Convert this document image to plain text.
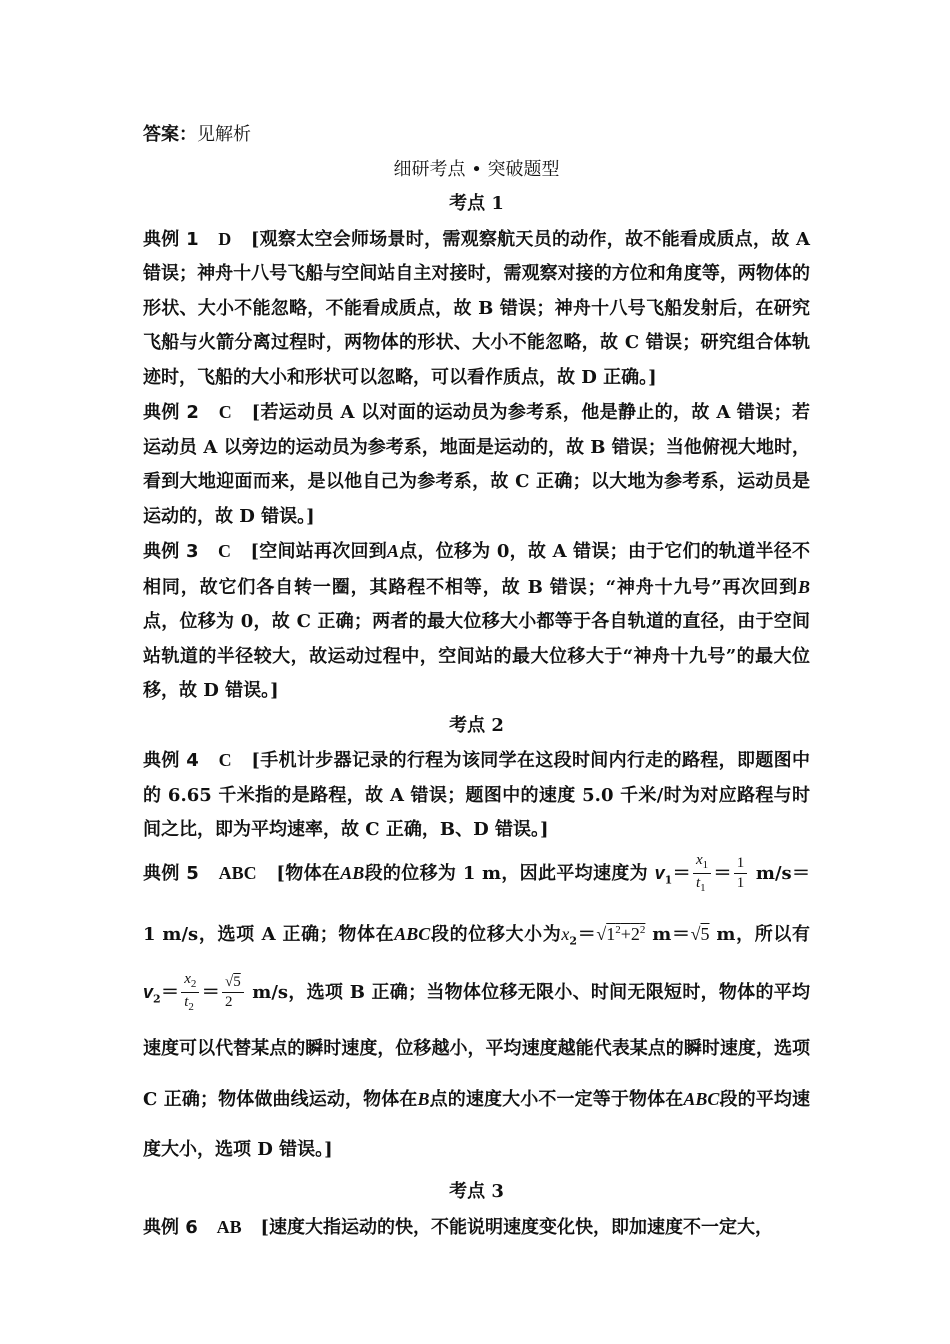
答案：见解析

细研考点 • 突破题型

考点 1

典例 1 D [观察太空会师场景时，需观察航天员的动作，故不能看成质点，故 A 错误；神舟十八号飞船与空间站自主对接时，需观察对接的方位和角度等，两物体的形状、大小不能忽略，不能看成质点，故 B 错误；神舟十八号飞船发射后，在研究飞船与火箭分离过程时，两物体的形状、大小不能忽略，故 C 错误；研究组合体轨迹时，飞船的大小和形状可以忽略，可以看作质点，故 D 正确。]

典例 2 C [若运动员 A 以对面的运动员为参考系，他是静止的，故 A 错误；若运动员 A 以旁边的运动员为参考系，地面是运动的，故 B 错误；当他俯视大地时，看到大地迎面而来，是以他自己为参考系，故 C 正确；以大地为参考系，运动员是运动的，故 D 错误。]

典例 3 C [空间站再次回到A点，位移为 0，故 A 错误；由于它们的轨道半径不相同，故它们各自转一圈，其路程不相等，故 B 错误；“神舟十九号”再次回到B点，位移为 0，故 C 正确；两者的最大位移大小都等于各自轨道的直径，由于空间站轨道的半径较大，故运动过程中，空间站的最大位移大于“神舟十九号”的最大位移，故 D 错误。]

考点 2

典例 4 C [手机计步器记录的行程为该同学在这段时间内行走的路程，即题图中的 6.65 千米指的是路程，故 A 错误；题图中的速度 5.0 千米/时为对应路程与时间之比，即为平均速率，故 C 正确，B、D 错误。]

典例 5 ABC [物体在AB段的位移为 1 m，因此平均速度为 $v_1= \frac{x_1}{t_1} = \frac{1}{1} m/s= 1$ m/s，选项 A 正确；物体在ABC段的位移大小为$x_2=√1^2+2^2$ m＝√5 m，所以有 $v_2= \frac{x_2}{t_2} = \frac{√5}{2} m/s$，选项 B 正确；当物体位移无限小、时间无限短时，物体的平均速度可以代替某点的瞬时速度，位移越小，平均速度越能代表某点的瞬时速度，选项 C 正确；物体做曲线运动，物体在B点的速度大小不一定等于物体在ABC段的平均速度大小，选项 D 错误。]

考点 3

典例 6 AB [速度大指运动的快，不能说明速度变化快，即加速度不一定大，
